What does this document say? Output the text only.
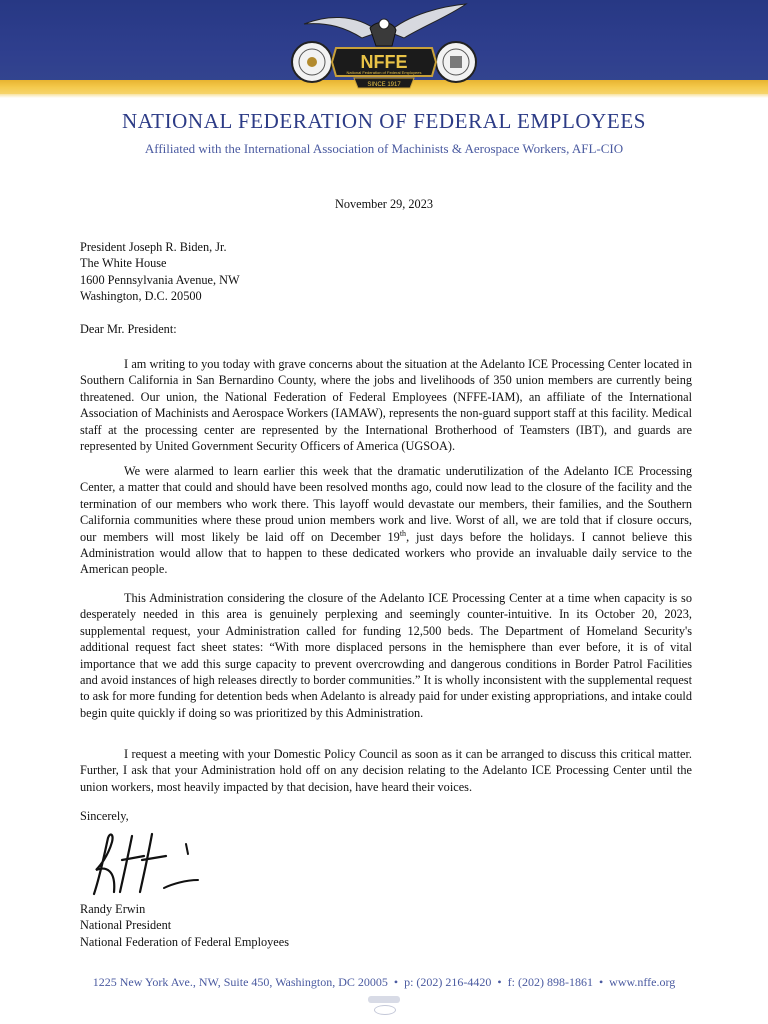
NFFE
National Federation of Federal Employees
SINCE 1917
NATIONAL FEDERATION OF FEDERAL EMPLOYEES
Affiliated with the International Association of Machinists & Aerospace Workers, AFL-CIO
November 29, 2023
President Joseph R. Biden, Jr.
The White House
1600 Pennsylvania Avenue, NW
Washington, D.C. 20500
Dear Mr. President:

I am writing to you today with grave concerns about the situation at the Adelanto ICE Processing Center located in Southern California in San Bernardino County, where the jobs and livelihoods of 350 union members are currently being threatened. Our union, the National Federation of Federal Employees (NFFE-IAM), an affiliate of the International Association of Machinists and Aerospace Workers (IAMAW), represents the non-guard support staff at this facility. Medical staff at the processing center are represented by the International Brotherhood of Teamsters (IBT), and guards are represented by United Government Security Officers of America (UGSOA).

We were alarmed to learn earlier this week that the dramatic underutilization of the Adelanto ICE Processing Center, a matter that could and should have been resolved months ago, could now lead to the closure of the facility and the termination of our members who work there. This layoff would devastate our members, their families, and the Southern California communities where these proud union members work and live. Worst of all, we are told that if closure occurs, our members will most likely be laid off on December 19th, just days before the holidays. I cannot believe this Administration would allow that to happen to these dedicated workers who provide an invaluable daily service to the American people.

This Administration considering the closure of the Adelanto ICE Processing Center at a time when capacity is so desperately needed in this area is genuinely perplexing and seemingly counter-intuitive. In its October 20, 2023, supplemental request, your Administration called for funding 12,500 beds. The Department of Homeland Security's additional request fact sheet states: “With more displaced persons in the hemisphere than ever before, it is of vital importance that we add this surge capacity to prevent overcrowding and dangerous conditions in Border Patrol Facilities and avoid instances of high releases directly to border communities.” It is wholly inconsistent with the supplemental request to ask for more funding for detention beds when Adelanto is already paid for under existing appropriations, and intake could begin quite quickly if doing so was prioritized by this Administration.

I request a meeting with your Domestic Policy Council as soon as it can be arranged to discuss this critical matter. Further, I ask that your Administration hold off on any decision relating to the Adelanto ICE Processing Center until the union workers, most heavily impacted by that decision, have heard their voices.

Sincerely,
Randy Erwin
National President
National Federation of Federal Employees
1225 New York Ave., NW, Suite 450, Washington, DC 20005 • p: (202) 216-4420 • f: (202) 898-1861 • www.nffe.org
